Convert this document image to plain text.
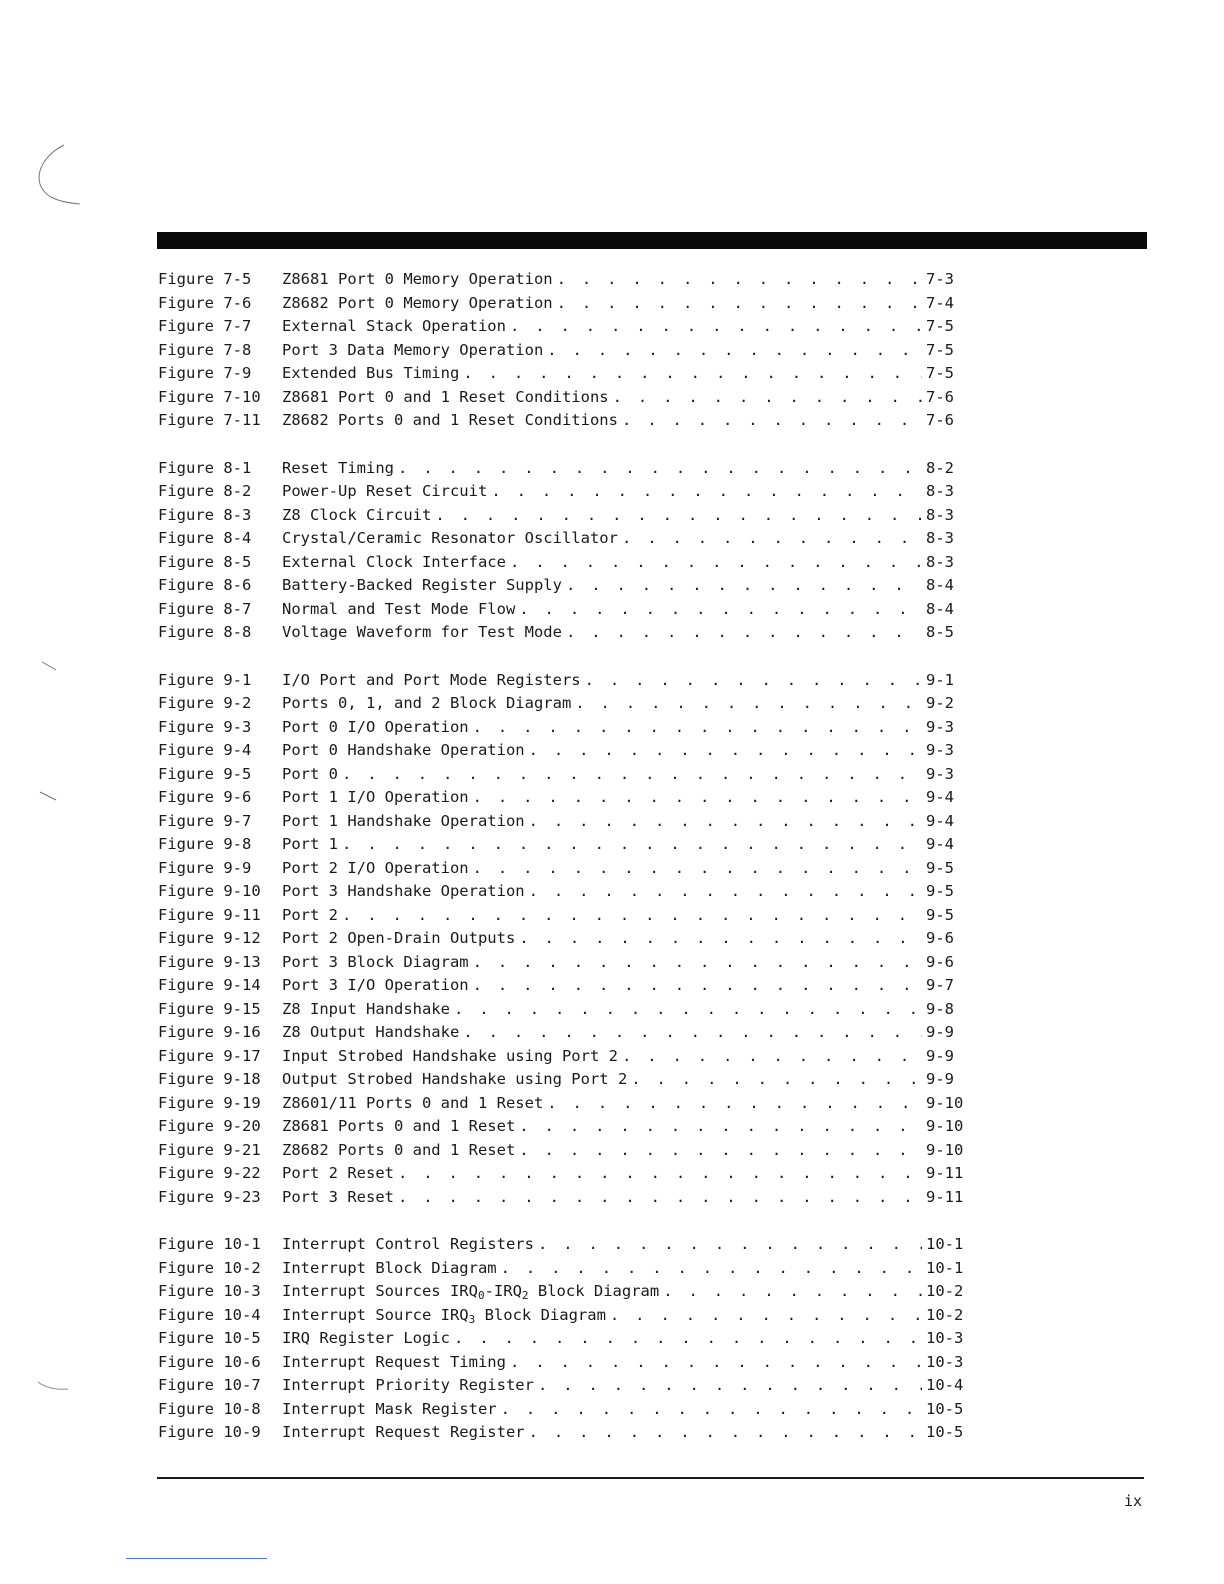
Figure 7-5	Z8681 Port 0 Memory Operation . . .	7-3
Figure 7-6	Z8682 Port 0 Memory Operation . . .	7-4
Figure 7-7	External Stack Operation . . .	7-5
Figure 7-8	Port 3 Data Memory Operation . . .	7-5
Figure 7-9	Extended Bus Timing . . .	7-5
Figure 7-10	Z8681 Port 0 and 1 Reset Conditions . . .	7-6
Figure 7-11	Z8682 Ports 0 and 1 Reset Conditions . . .	7-6
Figure 8-1	Reset Timing . . .	8-2
Figure 8-2	Power-Up Reset Circuit . . .	8-3
Figure 8-3	Z8 Clock Circuit . . .	8-3
Figure 8-4	Crystal/Ceramic Resonator Oscillator . . .	8-3
Figure 8-5	External Clock Interface . . .	8-3
Figure 8-6	Battery-Backed Register Supply . . .	8-4
Figure 8-7	Normal and Test Mode Flow . . .	8-4
Figure 8-8	Voltage Waveform for Test Mode . . .	8-5
Figure 9-1	I/O Port and Port Mode Registers . . .	9-1
Figure 9-2	Ports 0, 1, and 2 Block Diagram . . .	9-2
Figure 9-3	Port 0 I/O Operation . . .	9-3
Figure 9-4	Port 0 Handshake Operation . . .	9-3
Figure 9-5	Port 0 . . .	9-3
Figure 9-6	Port 1 I/O Operation . . .	9-4
Figure 9-7	Port 1 Handshake Operation . . .	9-4
Figure 9-8	Port 1 . . .	9-4
Figure 9-9	Port 2 I/O Operation . . .	9-5
Figure 9-10	Port 3 Handshake Operation . . .	9-5
Figure 9-11	Port 2 . . .	9-5
Figure 9-12	Port 2 Open-Drain Outputs . . .	9-6
Figure 9-13	Port 3 Block Diagram . . .	9-6
Figure 9-14	Port 3 I/O Operation . . .	9-7
Figure 9-15	Z8 Input Handshake . . .	9-8
Figure 9-16	Z8 Output Handshake . . .	9-9
Figure 9-17	Input Strobed Handshake using Port 2 . . .	9-9
Figure 9-18	Output Strobed Handshake using Port 2 . . .	9-9
Figure 9-19	Z8601/11 Ports 0 and 1 Reset . . .	9-10
Figure 9-20	Z8681 Ports 0 and 1 Reset . . .	9-10
Figure 9-21	Z8682 Ports 0 and 1 Reset . . .	9-10
Figure 9-22	Port 2 Reset . . .	9-11
Figure 9-23	Port 3 Reset . . .	9-11
Figure 10-1	Interrupt Control Registers . . .	10-1
Figure 10-2	Interrupt Block Diagram . . .	10-1
Figure 10-3	Interrupt Sources $IRQ_0-IRQ_2$ Block Diagram . . .	10-2
Figure 10-4	Interrupt Source $IRQ_3$ Block Diagram . . .	10-2
Figure 10-5	IRQ Register Logic . . .	10-3
Figure 10-6	Interrupt Request Timing . . .	10-3
Figure 10-7	Interrupt Priority Register . . .	10-4
Figure 10-8	Interrupt Mask Register . . .	10-5
Figure 10-9	Interrupt Request Register . . .	10-5
ix
